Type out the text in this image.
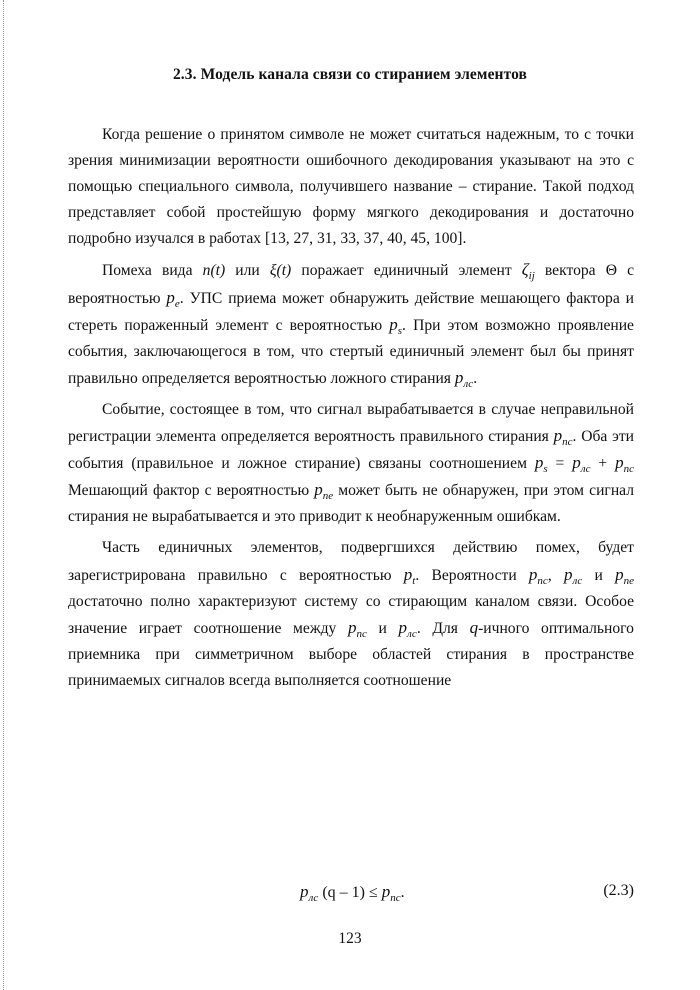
2.3. Модель канала связи со стиранием элементов

Когда решение о принятом символе не может считаться надежным, то с точки зрения минимизации вероятности ошибочного декодирования указывают на это с помощью специального символа, получившего название – стирание. Такой подход представляет собой простейшую форму мягкого декодирования и достаточно подробно изучался в работах [13, 27, 31, 33, 37, 40, 45, 100].

Помеха вида n(t) или ξ(t) поражает единичный элемент $\zeta_{ij}$ вектора Θ с вероятностью $p_e$. УПС приема может обнаружить действие мешающего фактора и стереть пораженный элемент с вероятностью $p_s$. При этом возможно проявление события, заключающегося в том, что стертый единичный элемент был бы принят правильно определяется вероятностью ложного стирания $p_{лс}$.

Событие, состоящее в том, что сигнал вырабатывается в случае неправильной регистрации элемента определяется вероятность правильного стирания $p_{пс}$. Оба эти события (правильное и ложное стирание) связаны соотношением $p_s = p_{лс} + p_{пс}$ Мешающий фактор с вероятностью $p_{пе}$ может быть не обнаружен, при этом сигнал стирания не вырабатывается и это приводит к необнаруженным ошибкам.

Часть единичных элементов, подвергшихся действию помех, будет зарегистрирована правильно с вероятностью $p_t$. Вероятности $p_{пс}$, $p_{лс}$ и $p_{пе}$ достаточно полно характеризуют систему со стирающим каналом связи. Особое значение играет соотношение между $p_{пс}$ и $p_{лс}$. Для q-ичного оптимального приемника при симметричном выборе областей стирания в пространстве принимаемых сигналов всегда выполняется соотношение

$p_{лс}$ $(q - 1) \le p_{пс}$.	(2.3)
123
